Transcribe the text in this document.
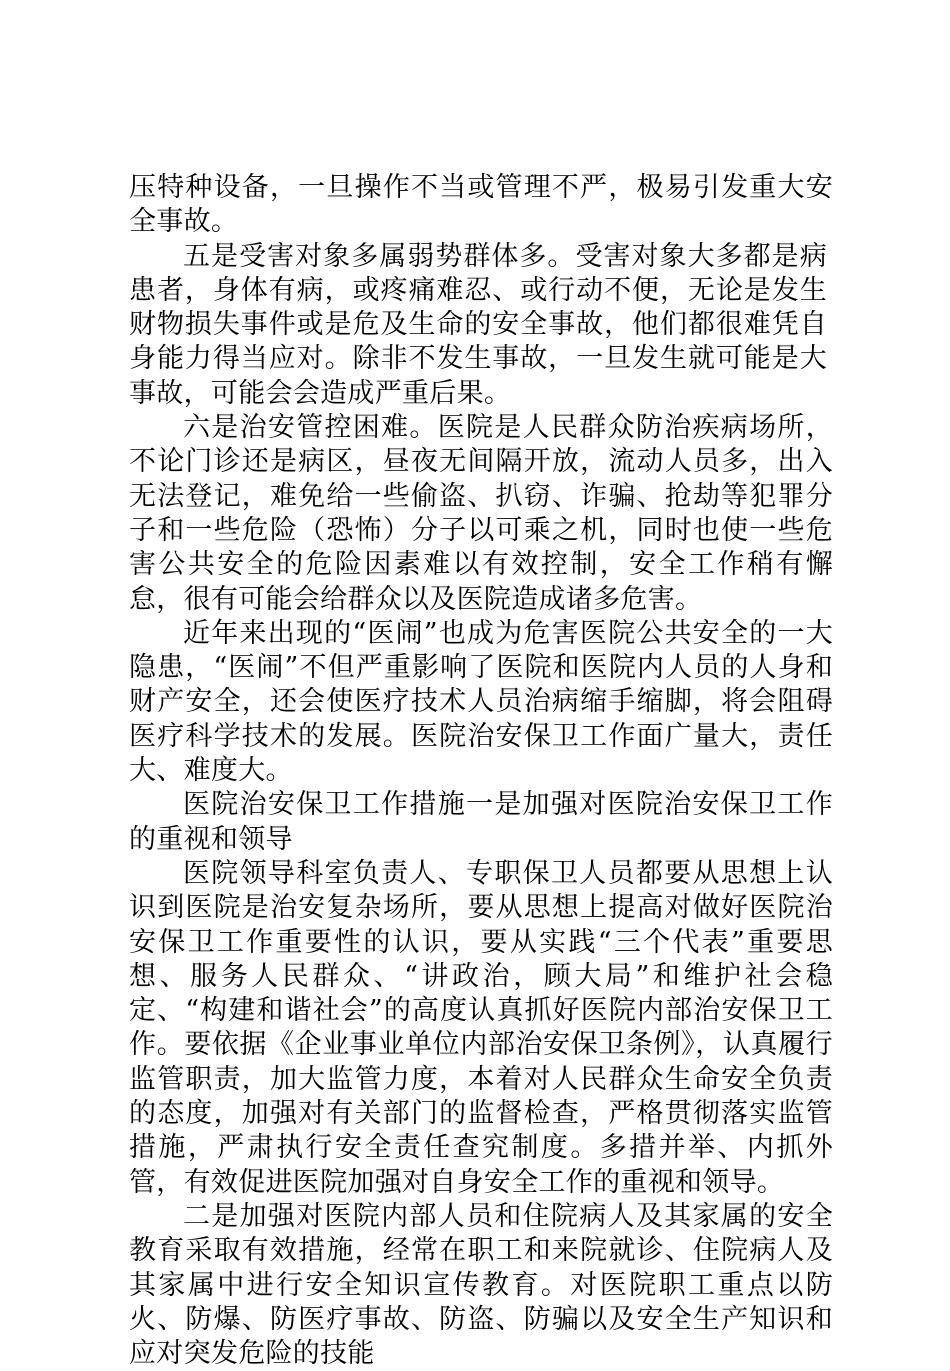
压特种设备，一旦操作不当或管理不严，极易引发重大安全事故。

五是受害对象多属弱势群体多。受害对象大多都是病患者，身体有病，或疼痛难忍、或行动不便，无论是发生财物损失事件或是危及生命的安全事故，他们都很难凭自身能力得当应对。除非不发生事故，一旦发生就可能是大事故，可能会会造成严重后果。

六是治安管控困难。医院是人民群众防治疾病场所，不论门诊还是病区，昼夜无间隔开放，流动人员多，出入无法登记，难免给一些偷盗、扒窃、诈骗、抢劫等犯罪分子和一些危险（恐怖）分子以可乘之机，同时也使一些危害公共安全的危险因素难以有效控制，安全工作稍有懈怠，很有可能会给群众以及医院造成诸多危害。

近年来出现的“医闹”也成为危害医院公共安全的一大隐患，“医闹”不但严重影响了医院和医院内人员的人身和财产安全，还会使医疗技术人员治病缩手缩脚，将会阻碍医疗科学技术的发展。医院治安保卫工作面广量大，责任大、难度大。

医院治安保卫工作措施一是加强对医院治安保卫工作的重视和领导

医院领导科室负责人、专职保卫人员都要从思想上认识到医院是治安复杂场所，要从思想上提高对做好医院治安保卫工作重要性的认识，要从实践“三个代表”重要思想、服务人民群众、“讲政治，顾大局”和维护社会稳定、“构建和谐社会”的高度认真抓好医院内部治安保卫工作。要依据《企业事业单位内部治安保卫条例》，认真履行监管职责，加大监管力度，本着对人民群众生命安全负责的态度，加强对有关部门的监督检查，严格贯彻落实监管措施，严肃执行安全责任查究制度。多措并举、内抓外管，有效促进医院加强对自身安全工作的重视和领导。

二是加强对医院内部人员和住院病人及其家属的安全教育采取有效措施，经常在职工和来院就诊、住院病人及其家属中进行安全知识宣传教育。对医院职工重点以防火、防爆、防医疗事故、防盗、防骗以及安全生产知识和应对突发危险的技能
